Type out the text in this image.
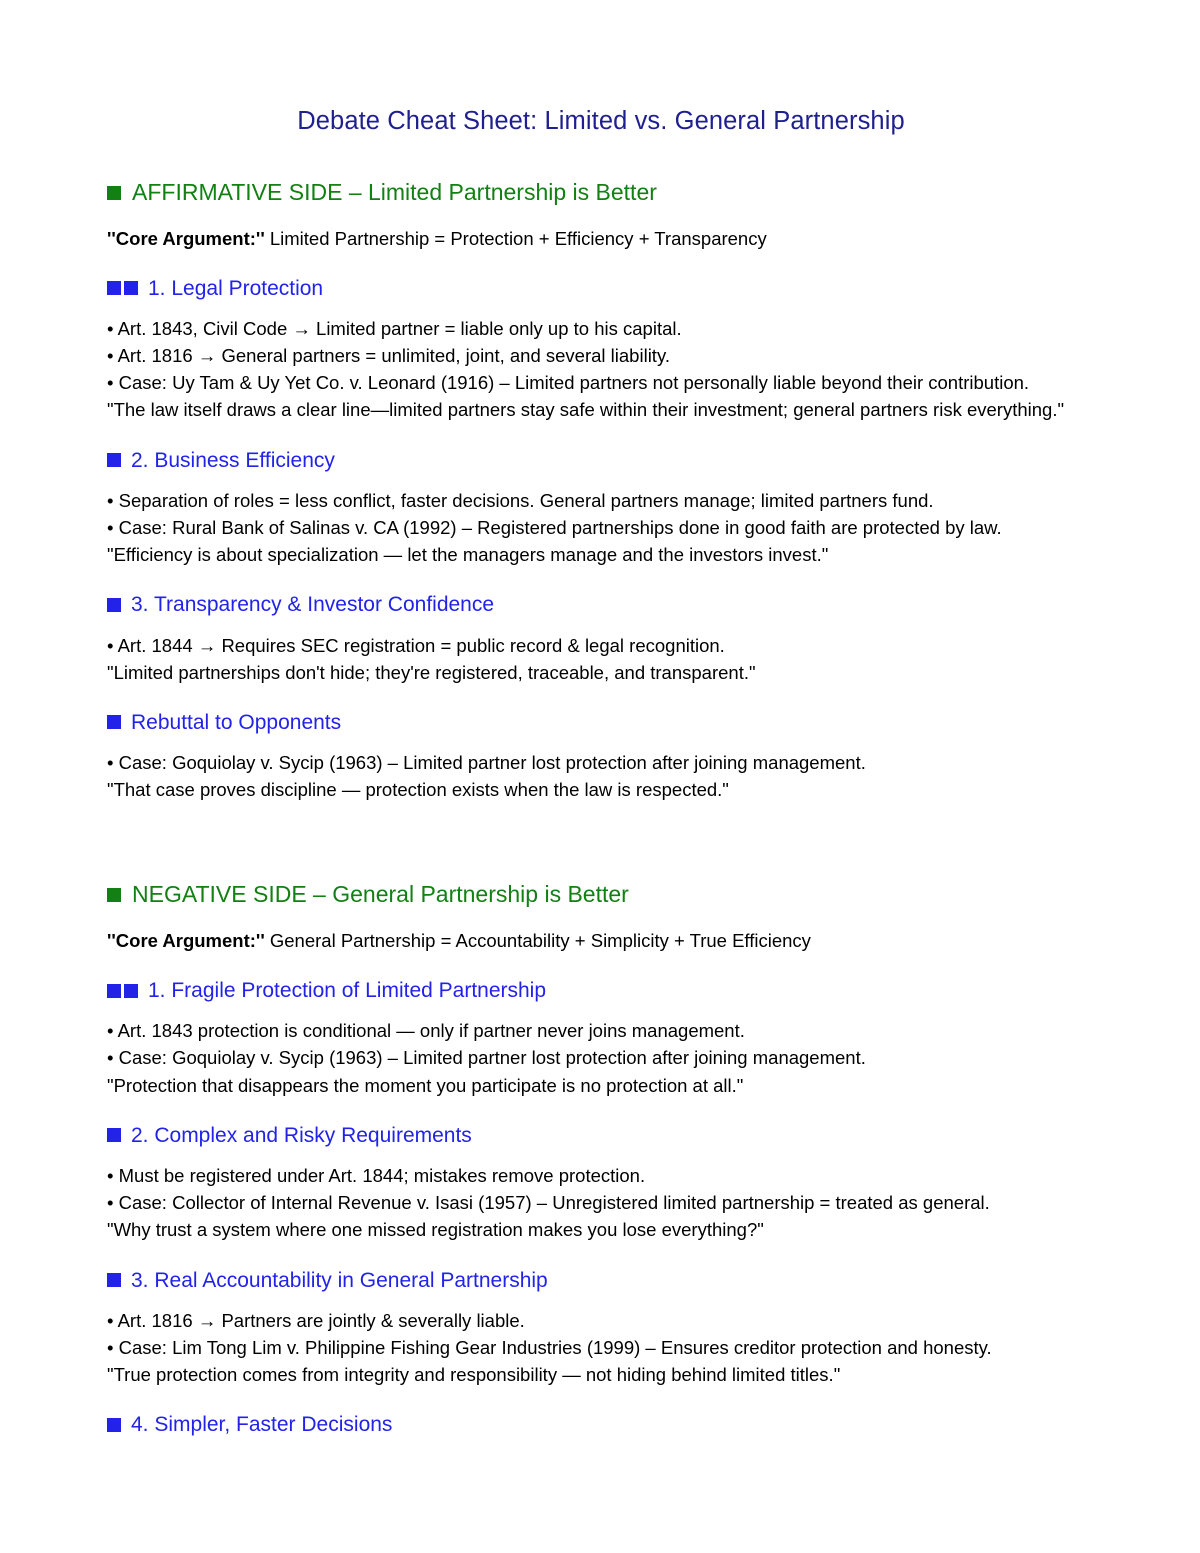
Debate Cheat Sheet: Limited vs. General Partnership
AFFIRMATIVE SIDE – Limited Partnership is Better

''Core Argument:'' Limited Partnership = Protection + Efficiency + Transparency

1. Legal Protection

• Art. 1843, Civil Code → Limited partner = liable only up to his capital.

• Art. 1816 → General partners = unlimited, joint, and several liability.

• Case: Uy Tam & Uy Yet Co. v. Leonard (1916) – Limited partners not personally liable beyond their contribution.

"The law itself draws a clear line—limited partners stay safe within their investment; general partners risk everything."

2. Business Efficiency

• Separation of roles = less conflict, faster decisions. General partners manage; limited partners fund.

• Case: Rural Bank of Salinas v. CA (1992) – Registered partnerships done in good faith are protected by law.

"Efficiency is about specialization — let the managers manage and the investors invest."

3. Transparency & Investor Confidence

• Art. 1844 → Requires SEC registration = public record & legal recognition.

"Limited partnerships don't hide; they're registered, traceable, and transparent."

Rebuttal to Opponents

• Case: Goquiolay v. Sycip (1963) – Limited partner lost protection after joining management.

"That case proves discipline — protection exists when the law is respected."

NEGATIVE SIDE – General Partnership is Better

''Core Argument:'' General Partnership = Accountability + Simplicity + True Efficiency

1. Fragile Protection of Limited Partnership

• Art. 1843 protection is conditional — only if partner never joins management.

• Case: Goquiolay v. Sycip (1963) – Limited partner lost protection after joining management.

"Protection that disappears the moment you participate is no protection at all."

2. Complex and Risky Requirements

• Must be registered under Art. 1844; mistakes remove protection.

• Case: Collector of Internal Revenue v. Isasi (1957) – Unregistered limited partnership = treated as general.

"Why trust a system where one missed registration makes you lose everything?"

3. Real Accountability in General Partnership

• Art. 1816 → Partners are jointly & severally liable.

• Case: Lim Tong Lim v. Philippine Fishing Gear Industries (1999) – Ensures creditor protection and honesty.

"True protection comes from integrity and responsibility — not hiding behind limited titles."

4. Simpler, Faster Decisions
